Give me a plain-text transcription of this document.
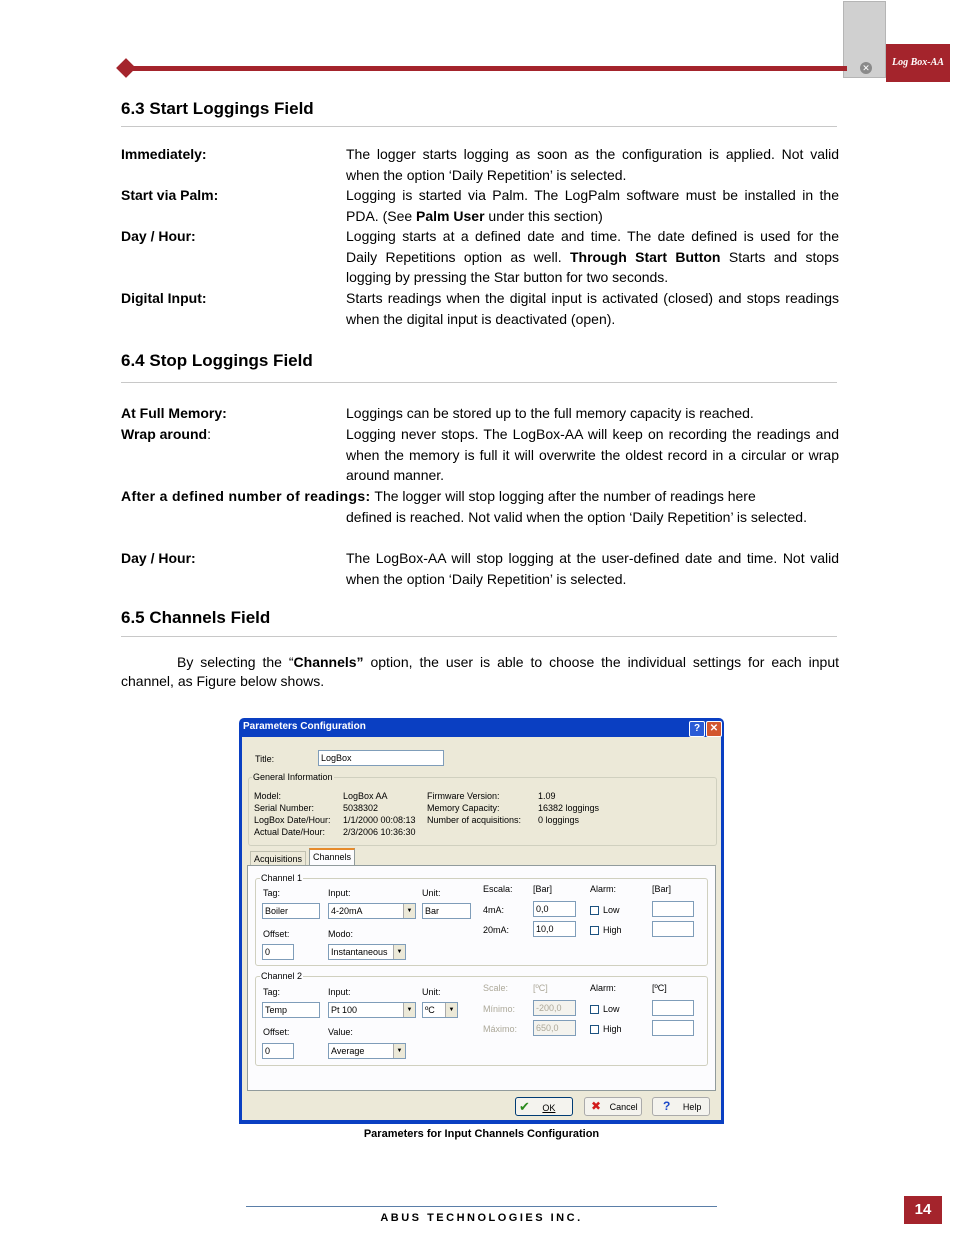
✕	Log Box-AA
6.3 Start Loggings Field
Immediately:	The logger starts logging as soon as the configuration is applied. Not valid when the option ‘Daily Repetition’ is selected.
Start via Palm:	Logging is started via Palm. The LogPalm software must be installed in the PDA. (See Palm User under this section)
Day / Hour:	Logging starts at a defined date and time. The date defined is used for the Daily Repetitions option as well. Through Start Button Starts and stops logging by pressing the Star button for two seconds.
Digital Input:	Starts readings when the digital input is activated (closed) and stops readings when the digital input is deactivated (open).
6.4 Stop Loggings Field
At Full Memory:	Loggings can be stored up to the full memory capacity is reached.
Wrap around:	Logging never stops. The LogBox-AA will keep on recording the readings and when the memory is full it will overwrite the oldest record in a circular or wrap around manner.
After a defined number of readings: The logger will stop logging after the number of readings here
defined is reached. Not valid when the option ‘Daily Repetition’ is selected.
Day / Hour:	The LogBox-AA will stop logging at the user-defined date and time. Not valid when the option ‘Daily Repetition’ is selected.
6.5 Channels Field
By selecting the “Channels” option, the user is able to choose the individual settings for each input channel, as Figure below shows.
Parameters Configuration	? ✕
Title:	LogBox
General Information
Model:	LogBox AA
Serial Number:	5038302
LogBox Date/Hour: 1/1/2000 00:08:13
Actual Date/Hour: 2/3/2006 10:36:30
Firmware Version:	1.09
Memory Capacity:	16382 loggings
Number of acquisitions: 0 loggings
Acquisitions	Channels
Channel 1
Tag:
Boiler
Input:
4-20mA	▼
Unit:
Bar
Offset:
0
Modo:
Instantaneous	▼
Escala: [Bar]
4mA:	0,0
20mA:	10,0
Alarm:	[Bar]
Low
High
Channel 2
Tag:
Temp
Input:
Pt 100	▼
Unit:
ºC	▼
Offset:
0
Value:
Average	▼
Scale:	[ºC]
Mínimo:	-200,0
Máximo:	650,0
Alarm:	[ºC]
Low
High
✔ OK	✖ Cancel	? Help
Parameters for Input Channels Configuration
ABUS TECHNOLOGIES INC.	14
